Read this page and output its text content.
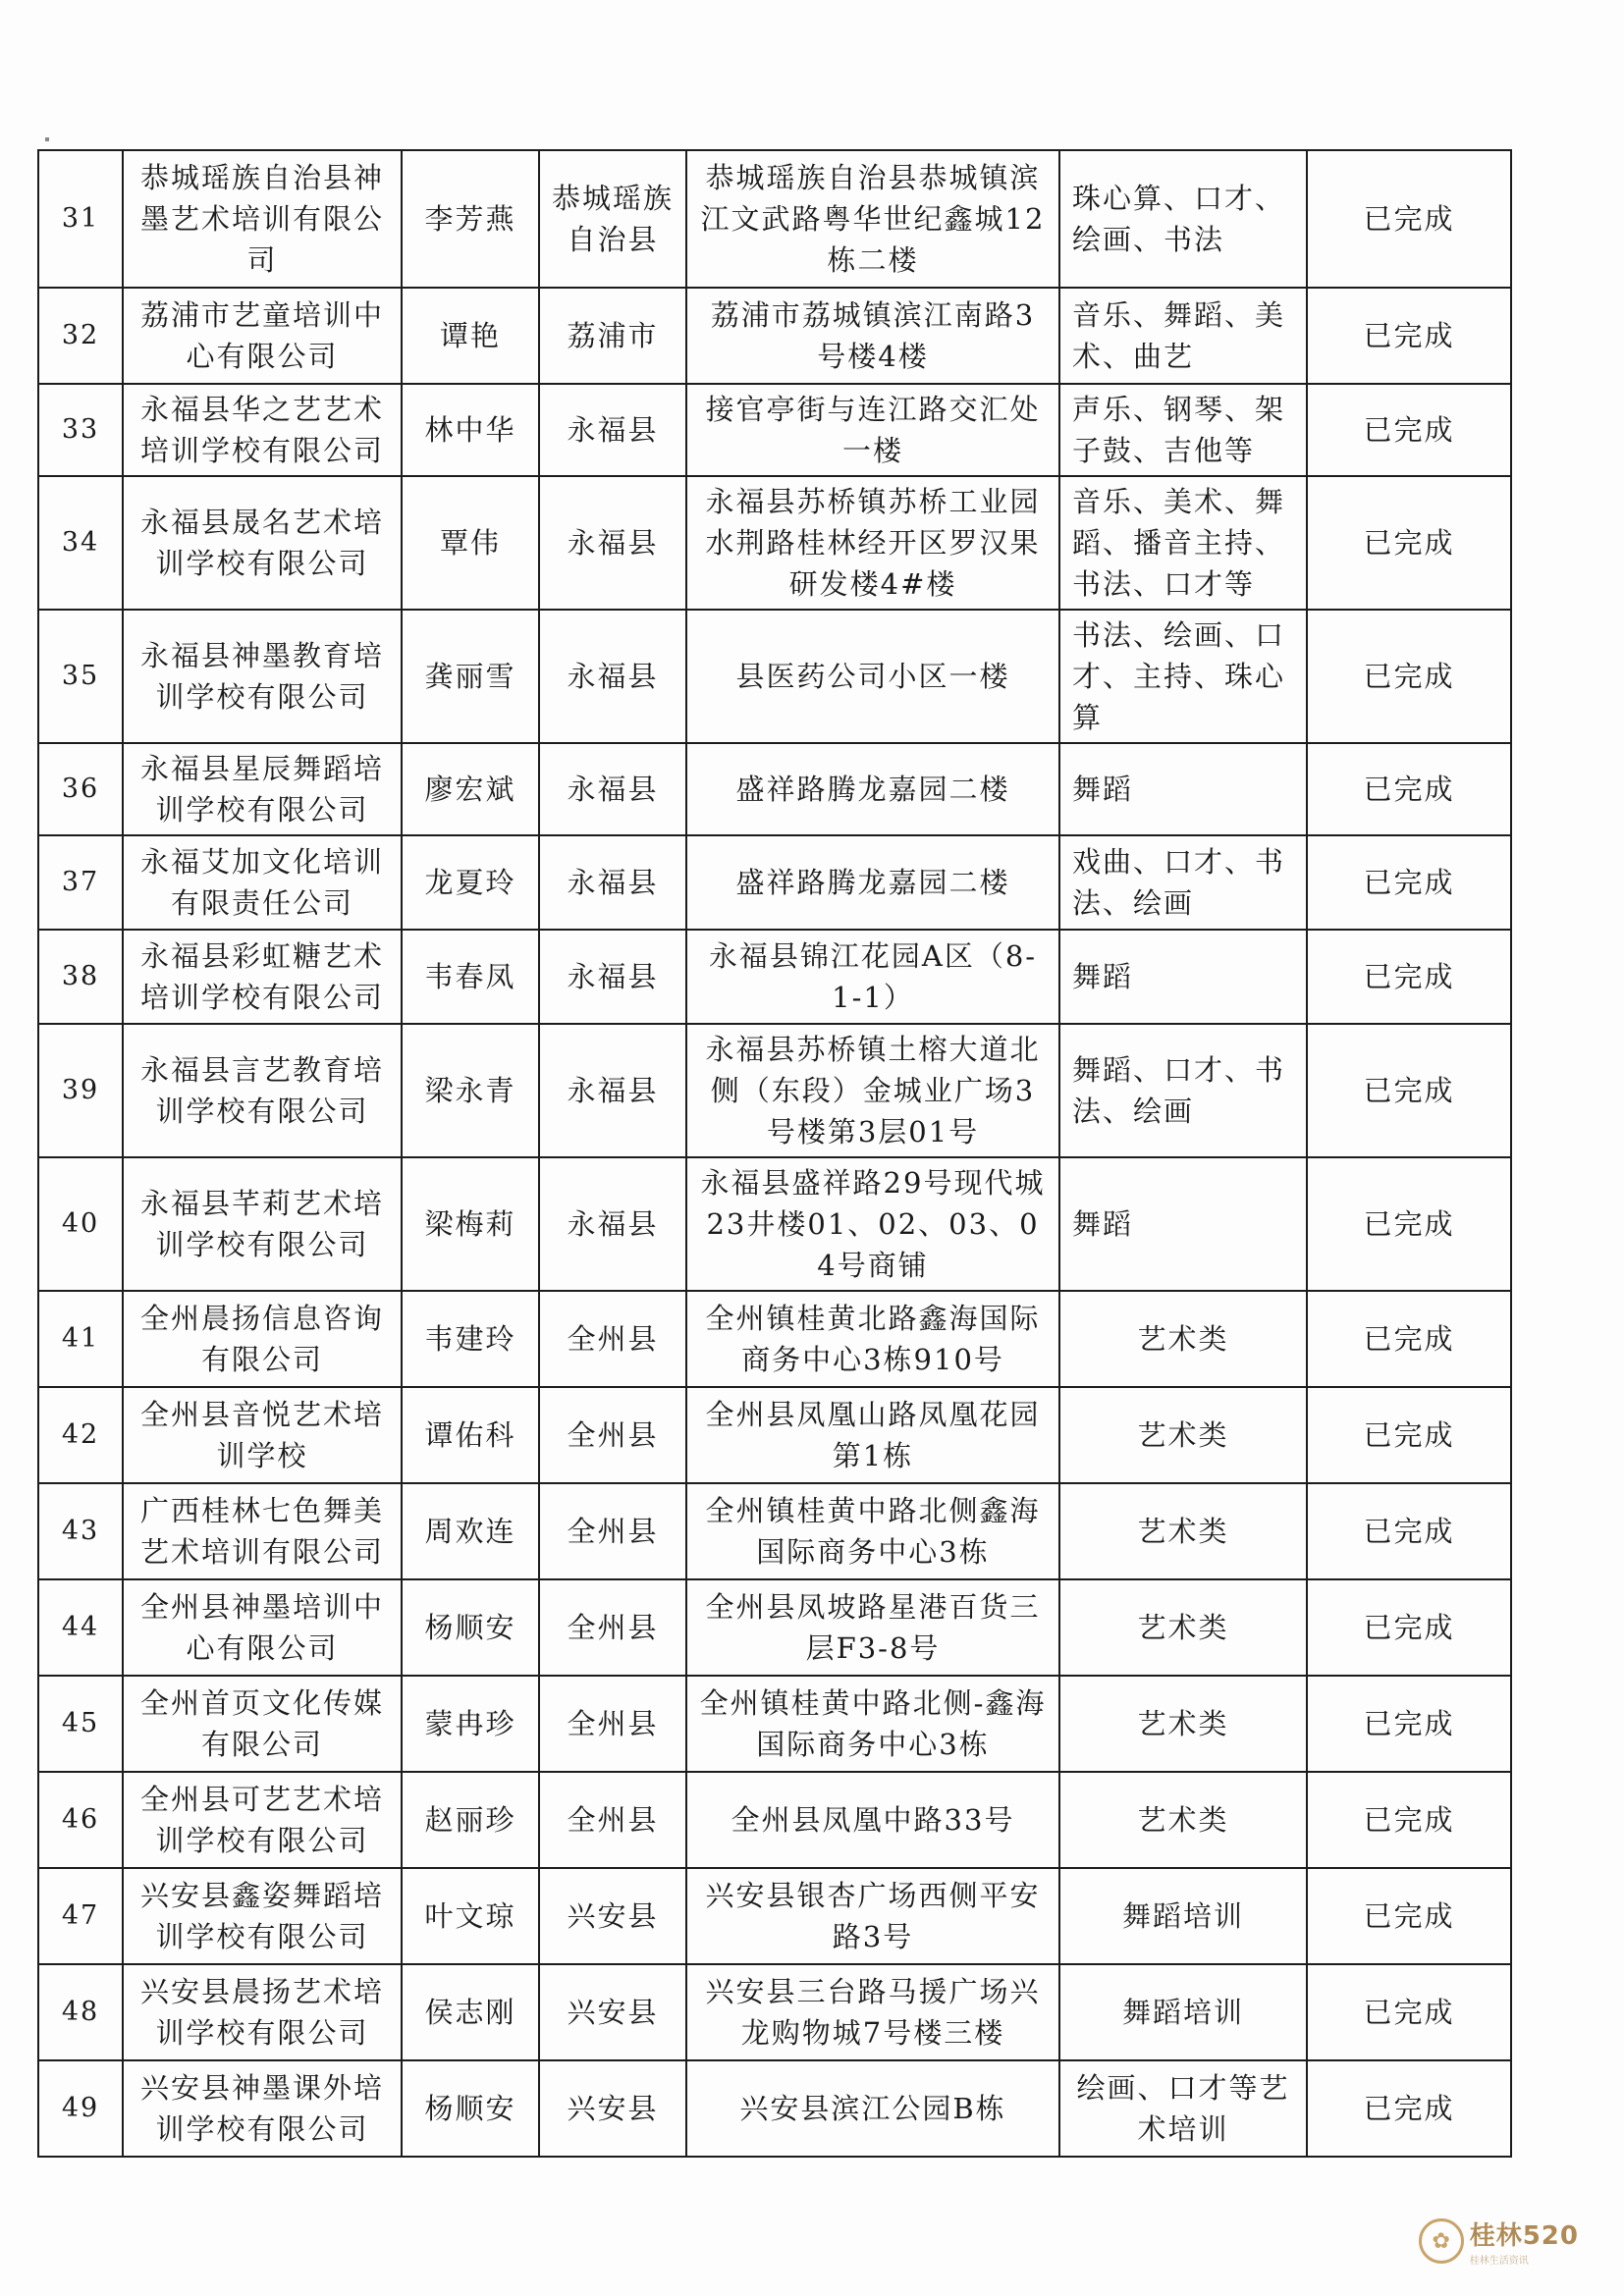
31	恭城瑶族自治县神墨艺术培训有限公司	李芳燕	恭城瑶族自治县	恭城瑶族自治县恭城镇滨江文武路粤华世纪鑫城12栋二楼	珠心算、口才、绘画、书法	已完成
32	荔浦市艺童培训中心有限公司	谭艳	荔浦市	荔浦市荔城镇滨江南路3号楼4楼	音乐、舞蹈、美术、曲艺	已完成
33	永福县华之艺艺术培训学校有限公司	林中华	永福县	接官亭街与连江路交汇处一楼	声乐、钢琴、架子鼓、吉他等	已完成
34	永福县晟名艺术培训学校有限公司	覃伟	永福县	永福县苏桥镇苏桥工业园水荆路桂林经开区罗汉果研发楼4#楼	音乐、美术、舞蹈、播音主持、书法、口才等	已完成
35	永福县神墨教育培训学校有限公司	龚丽雪	永福县	县医药公司小区一楼	书法、绘画、口才、主持、珠心算	已完成
36	永福县星辰舞蹈培训学校有限公司	廖宏斌	永福县	盛祥路腾龙嘉园二楼	舞蹈	已完成
37	永福艾加文化培训有限责任公司	龙夏玲	永福县	盛祥路腾龙嘉园二楼	戏曲、口才、书法、绘画	已完成
38	永福县彩虹糖艺术培训学校有限公司	韦春凤	永福县	永福县锦江花园A区（8-1-1）	舞蹈	已完成
39	永福县言艺教育培训学校有限公司	梁永青	永福县	永福县苏桥镇土榕大道北侧（东段）金城业广场3号楼第3层01号	舞蹈、口才、书法、绘画	已完成
40	永福县芊莉艺术培训学校有限公司	梁梅莉	永福县	永福县盛祥路29号现代城23井楼01、02、03、04号商铺	舞蹈	已完成
41	全州晨扬信息咨询有限公司	韦建玲	全州县	全州镇桂黄北路鑫海国际商务中心3栋910号	艺术类	已完成
42	全州县音悦艺术培训学校	谭佑科	全州县	全州县凤凰山路凤凰花园第1栋	艺术类	已完成
43	广西桂林七色舞美艺术培训有限公司	周欢连	全州县	全州镇桂黄中路北侧鑫海国际商务中心3栋	艺术类	已完成
44	全州县神墨培训中心有限公司	杨顺安	全州县	全州县凤坡路星港百货三层F3-8号	艺术类	已完成
45	全州首页文化传媒有限公司	蒙冉珍	全州县	全州镇桂黄中路北侧-鑫海国际商务中心3栋	艺术类	已完成
46	全州县可艺艺术培训学校有限公司	赵丽珍	全州县	全州县凤凰中路33号	艺术类	已完成
47	兴安县鑫姿舞蹈培训学校有限公司	叶文琼	兴安县	兴安县银杏广场西侧平安路3号	舞蹈培训	已完成
48	兴安县晨扬艺术培训学校有限公司	侯志刚	兴安县	兴安县三台路马援广场兴龙购物城7号楼三楼	舞蹈培训	已完成
49	兴安县神墨课外培训学校有限公司	杨顺安	兴安县	兴安县滨江公园B栋	绘画、口才等艺术培训	已完成
✿ 桂林520
桂林生活资讯
